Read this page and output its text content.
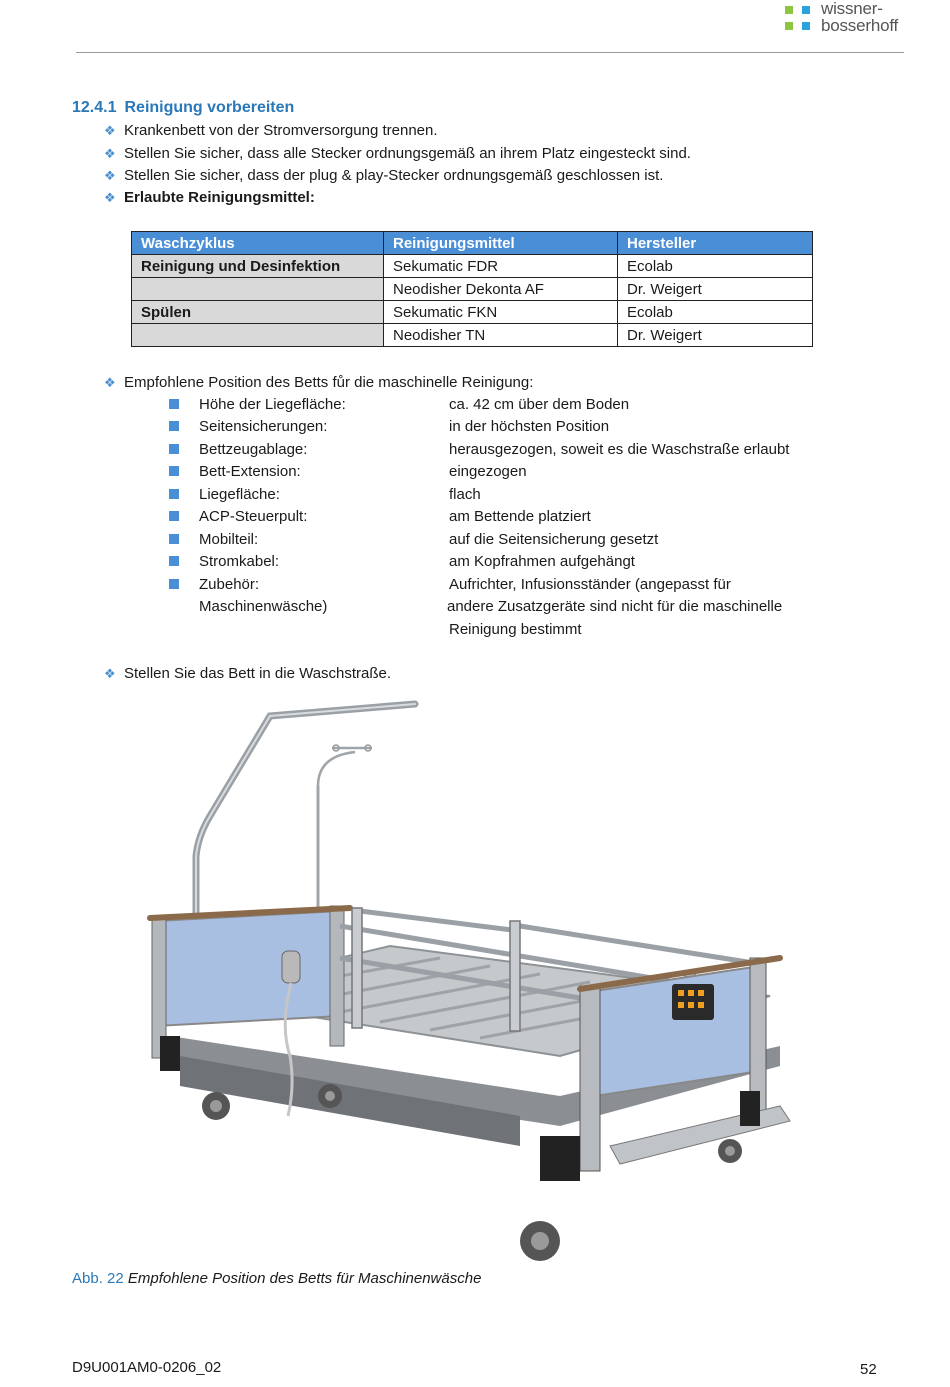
wissner-
bosserhoff
12.4.1 Reinigung vorbereiten
❖ Krankenbett von der Stromversorgung trennen.
❖ Stellen Sie sicher, dass alle Stecker ordnungsgemäß an ihrem Platz eingesteckt sind.
❖ Stellen Sie sicher, dass der plug & play-Stecker ordnungsgemäß geschlossen ist.
❖ Erlaubte Reinigungsmittel:
Waschzyklus	Reinigungsmittel	Hersteller
Reinigung und Desinfektion	Sekumatic FDR	Ecolab
	Neodisher Dekonta AF	Dr. Weigert
Spülen	Sekumatic FKN	Ecolab
	Neodisher TN	Dr. Weigert
❖ Empfohlene Position des Betts fůr die maschinelle Reinigung:
Höhe der Liegefläche:	ca. 42 cm über dem Boden
Seitensicherungen:	in der höchsten Position
Bettzeugablage:	herausgezogen, soweit es die Waschstraße erlaubt
Bett-Extension:	eingezogen
Liegefläche:	flach
ACP-Steuerpult:	am Bettende platziert
Mobilteil:	auf die Seitensicherung gesetzt
Stromkabel:	am Kopfrahmen aufgehängt
Zubehör:	Aufrichter, Infusionsständer (angepasst für
Maschinenwäsche)	andere Zusatzgeräte sind nicht für die maschinelle
Reinigung bestimmt
❖ Stellen Sie das Bett in die Waschstraße.
Abb. 22 Empfohlene Position des Betts für Maschinenwäsche
D9U001AM0-0206_02	52
